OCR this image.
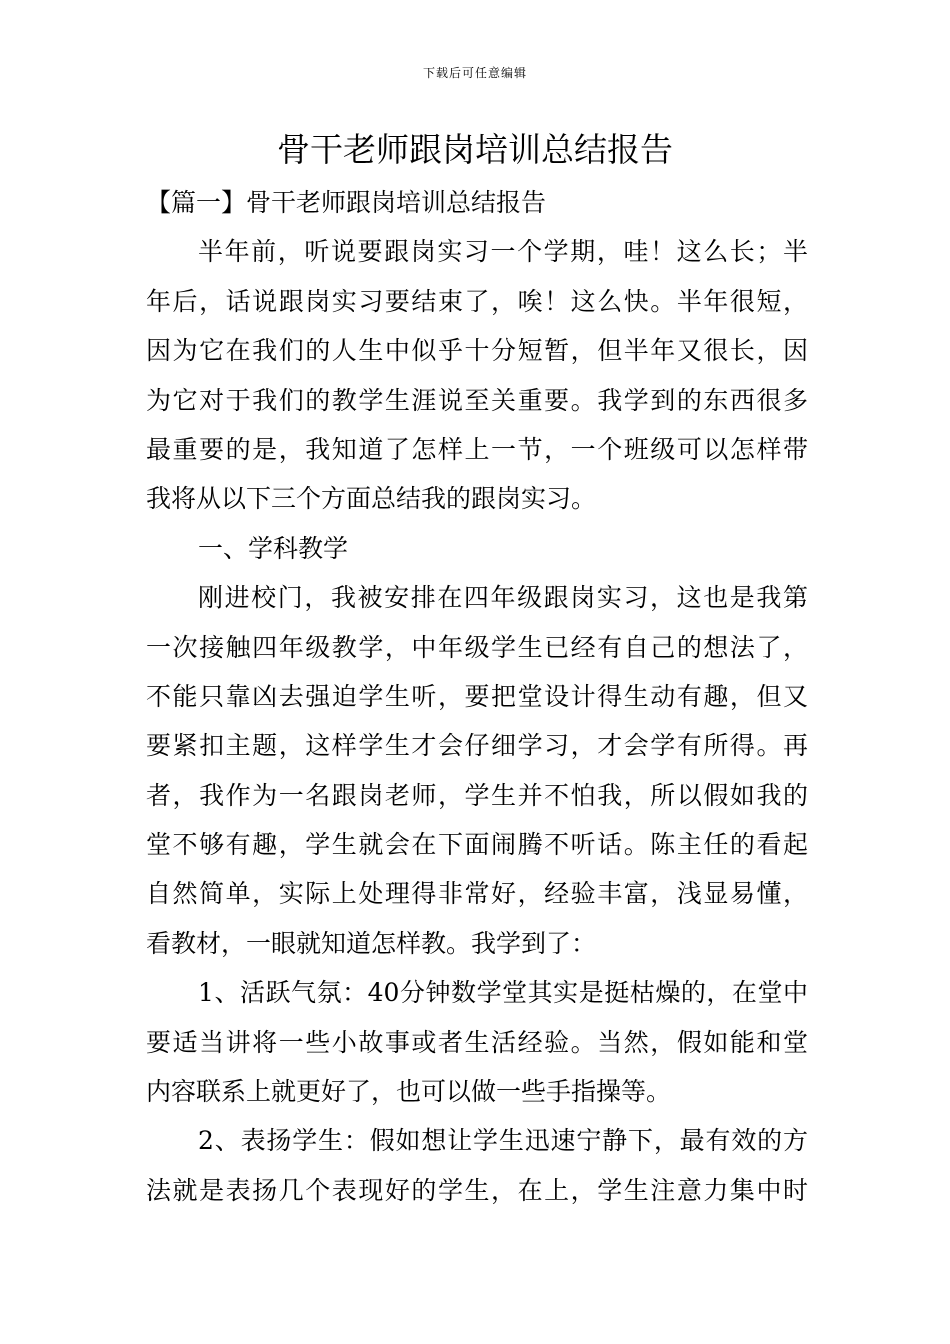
下载后可任意编辑
骨干老师跟岗培训总结报告
【篇一】骨干老师跟岗培训总结报告
半年前，听说要跟岗实习一个学期，哇！这么长；半
年后，话说跟岗实习要结束了，唉！这么快。半年很短，
因为它在我们的人生中似乎十分短暂，但半年又很长，因
为它对于我们的教学生涯说至关重要。我学到的东西很多
最重要的是，我知道了怎样上一节，一个班级可以怎样带
我将从以下三个方面总结我的跟岗实习。
一、学科教学
刚进校门，我被安排在四年级跟岗实习，这也是我第
一次接触四年级教学，中年级学生已经有自己的想法了，
不能只靠凶去强迫学生听，要把堂设计得生动有趣，但又
要紧扣主题，这样学生才会仔细学习，才会学有所得。再
者，我作为一名跟岗老师，学生并不怕我，所以假如我的
堂不够有趣，学生就会在下面闹腾不听话。陈主任的看起
自然简单，实际上处理得非常好，经验丰富，浅显易懂，
看教材，一眼就知道怎样教。我学到了：
1、活跃气氛：40分钟数学堂其实是挺枯燥的，在堂中
要适当讲将一些小故事或者生活经验。当然，假如能和堂
内容联系上就更好了，也可以做一些手指操等。
2、表扬学生：假如想让学生迅速宁静下，最有效的方
法就是表扬几个表现好的学生，在上，学生注意力集中时
